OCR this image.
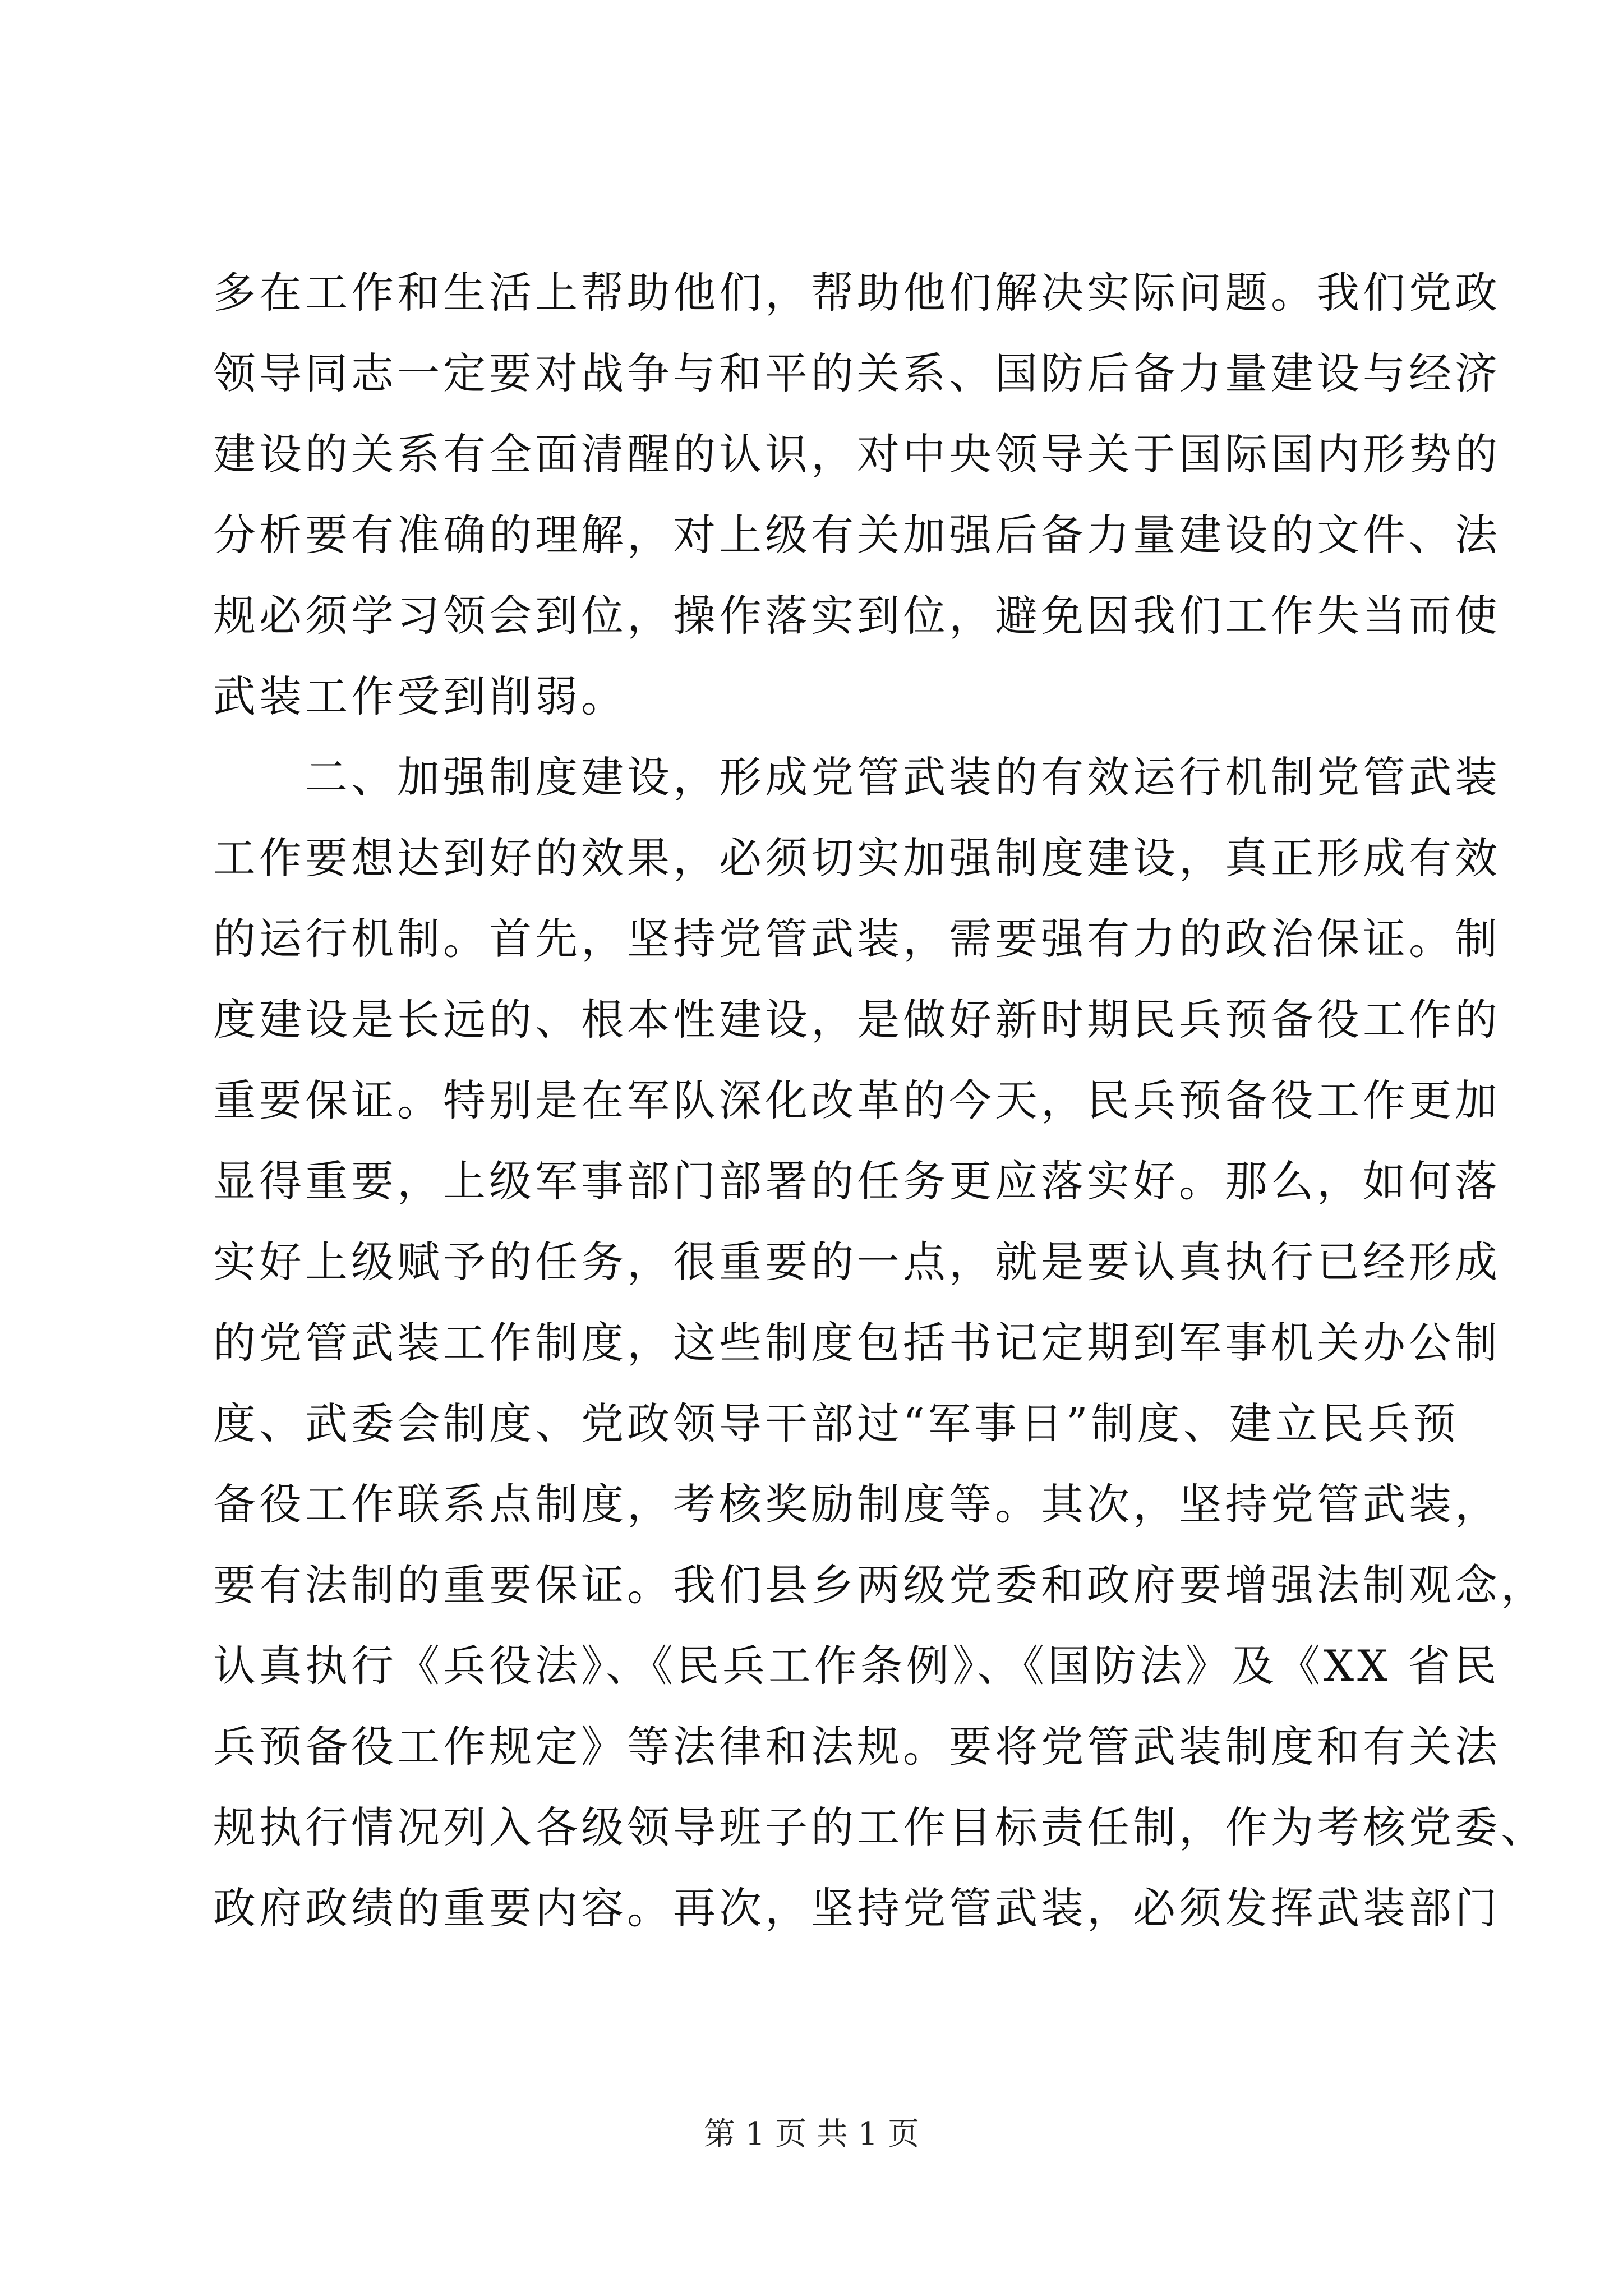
多在工作和生活上帮助他们，帮助他们解决实际问题。我们党政
领导同志一定要对战争与和平的关系、国防后备力量建设与经济
建设的关系有全面清醒的认识，对中央领导关于国际国内形势的
分析要有准确的理解，对上级有关加强后备力量建设的文件、法
规必须学习领会到位，操作落实到位，避免因我们工作失当而使
武装工作受到削弱。
　　二、加强制度建设，形成党管武装的有效运行机制党管武装
工作要想达到好的效果，必须切实加强制度建设，真正形成有效
的运行机制。首先，坚持党管武装，需要强有力的政治保证。制
度建设是长远的、根本性建设，是做好新时期民兵预备役工作的
重要保证。特别是在军队深化改革的今天，民兵预备役工作更加
显得重要，上级军事部门部署的任务更应落实好。那么，如何落
实好上级赋予的任务，很重要的一点，就是要认真执行已经形成
的党管武装工作制度，这些制度包括书记定期到军事机关办公制
度、武委会制度、党政领导干部过“军事日”制度、建立民兵预
备役工作联系点制度，考核奖励制度等。其次，坚持党管武装，
要有法制的重要保证。我们县乡两级党委和政府要增强法制观念，
认真执行《兵役法》、《民兵工作条例》、《国防法》及《XX 省民
兵预备役工作规定》等法律和法规。要将党管武装制度和有关法
规执行情况列入各级领导班子的工作目标责任制，作为考核党委、
政府政绩的重要内容。再次，坚持党管武装，必须发挥武装部门
第 1 页 共 1 页
